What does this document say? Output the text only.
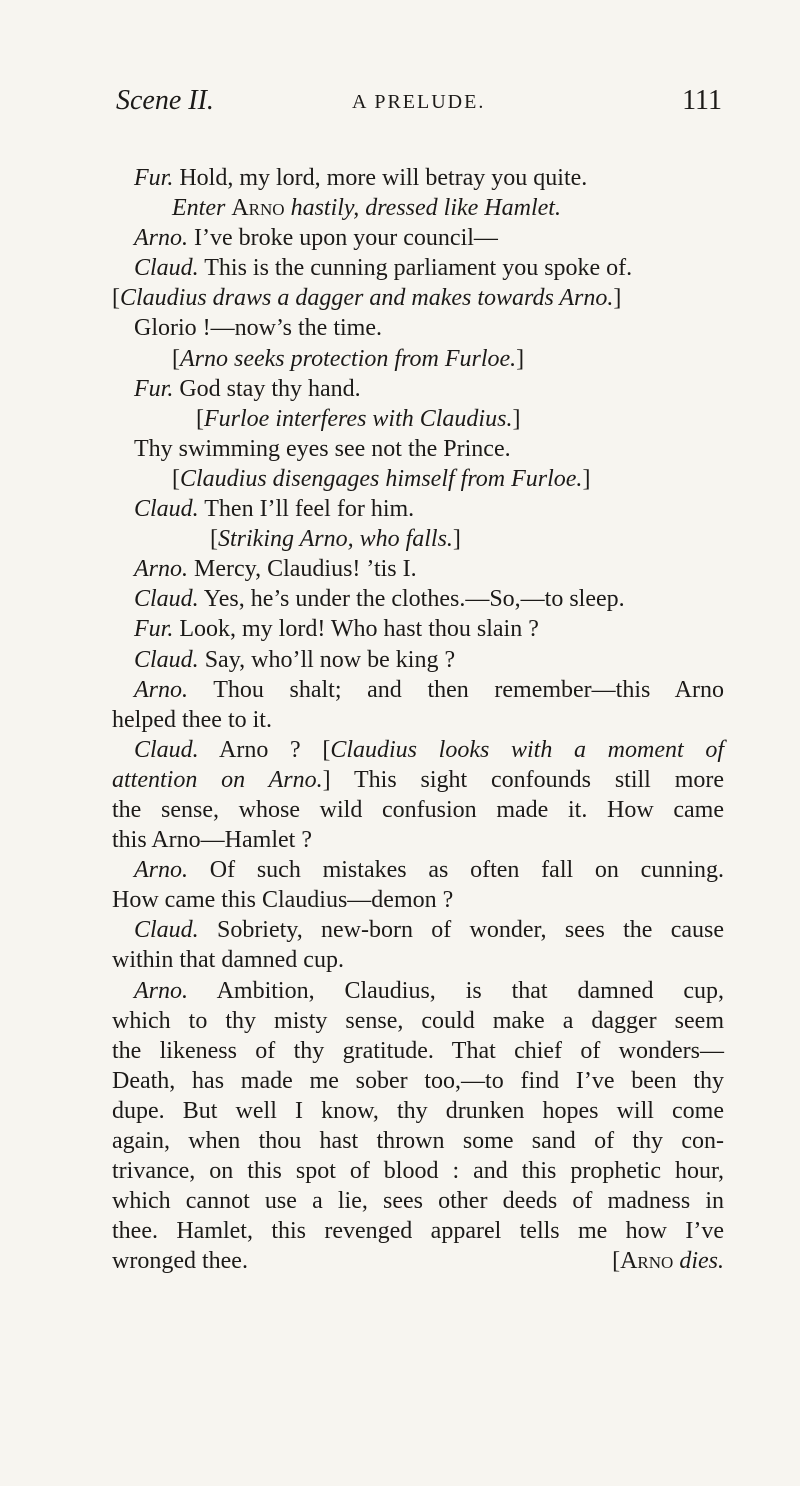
Scene II.	A PRELUDE.	111
Fur. Hold, my lord, more will betray you quite.
Enter Arno hastily, dressed like Hamlet.
Arno. I’ve broke upon your council—
Claud. This is the cunning parliament you spoke of.
[Claudius draws a dagger and makes towards Arno.]
Glorio !—now’s the time.
[Arno seeks protection from Furloe.]
Fur. God stay thy hand.
[Furloe interferes with Claudius.]
Thy swimming eyes see not the Prince.
[Claudius disengages himself from Furloe.]
Claud. Then I’ll feel for him.
[Striking Arno, who falls.]
Arno. Mercy, Claudius! ’tis I.
Claud. Yes, he’s under the clothes.—So,—to sleep.
Fur. Look, my lord! Who hast thou slain ?
Claud. Say, who’ll now be king ?
Arno. Thou shalt; and then remember—this Arno
helped thee to it.
Claud. Arno ? [Claudius looks with a moment of
attention on Arno.] This sight confounds still more
the sense, whose wild confusion made it. How came
this Arno—Hamlet ?
Arno. Of such mistakes as often fall on cunning.
How came this Claudius—demon ?
Claud. Sobriety, new-born of wonder, sees the cause
within that damned cup.
Arno. Ambition, Claudius, is that damned cup,
which to thy misty sense, could make a dagger seem
the likeness of thy gratitude. That chief of wonders—
Death, has made me sober too,—to find I’ve been thy
dupe. But well I know, thy drunken hopes will come
again, when thou hast thrown some sand of thy con-
trivance, on this spot of blood : and this prophetic hour,
which cannot use a lie, sees other deeds of madness in
thee. Hamlet, this revenged apparel tells me how I’ve
wronged thee.	[Arno dies.
